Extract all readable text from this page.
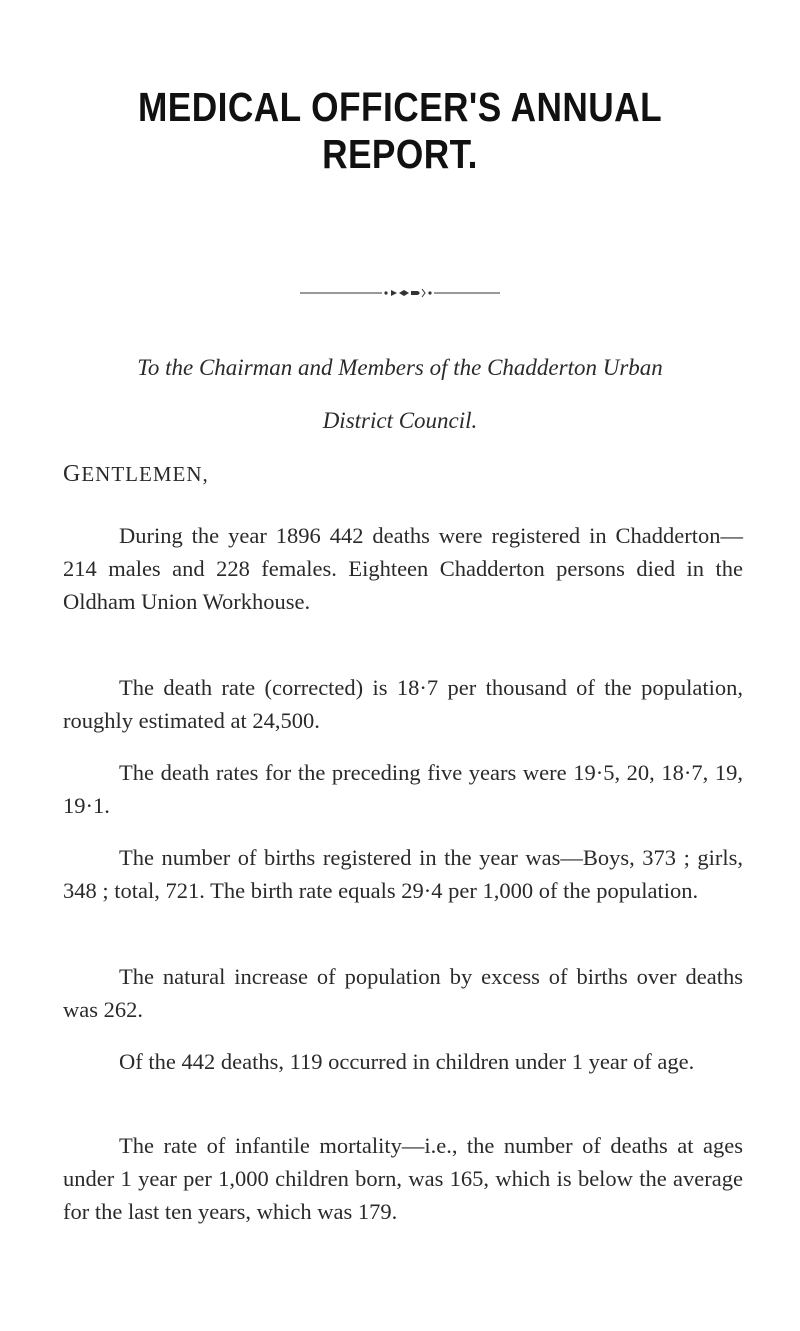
MEDICAL OFFICER'S ANNUAL REPORT.
To the Chairman and Members of the Chadderton Urban
District Council.
GENTLEMEN,

During the year 1896 442 deaths were registered in Chadderton—214 males and 228 females. Eighteen Chadderton persons died in the Oldham Union Workhouse.

The death rate (corrected) is 18·7 per thousand of the population, roughly estimated at 24,500.

The death rates for the preceding five years were 19·5, 20, 18·7, 19, 19·1.

The number of births registered in the year was—Boys, 373 ; girls, 348 ; total, 721. The birth rate equals 29·4 per 1,000 of the population.

The natural increase of population by excess of births over deaths was 262.

Of the 442 deaths, 119 occurred in children under 1 year of age.

The rate of infantile mortality—i.e., the number of deaths at ages under 1 year per 1,000 children born, was 165, which is below the average for the last ten years, which was 179.
